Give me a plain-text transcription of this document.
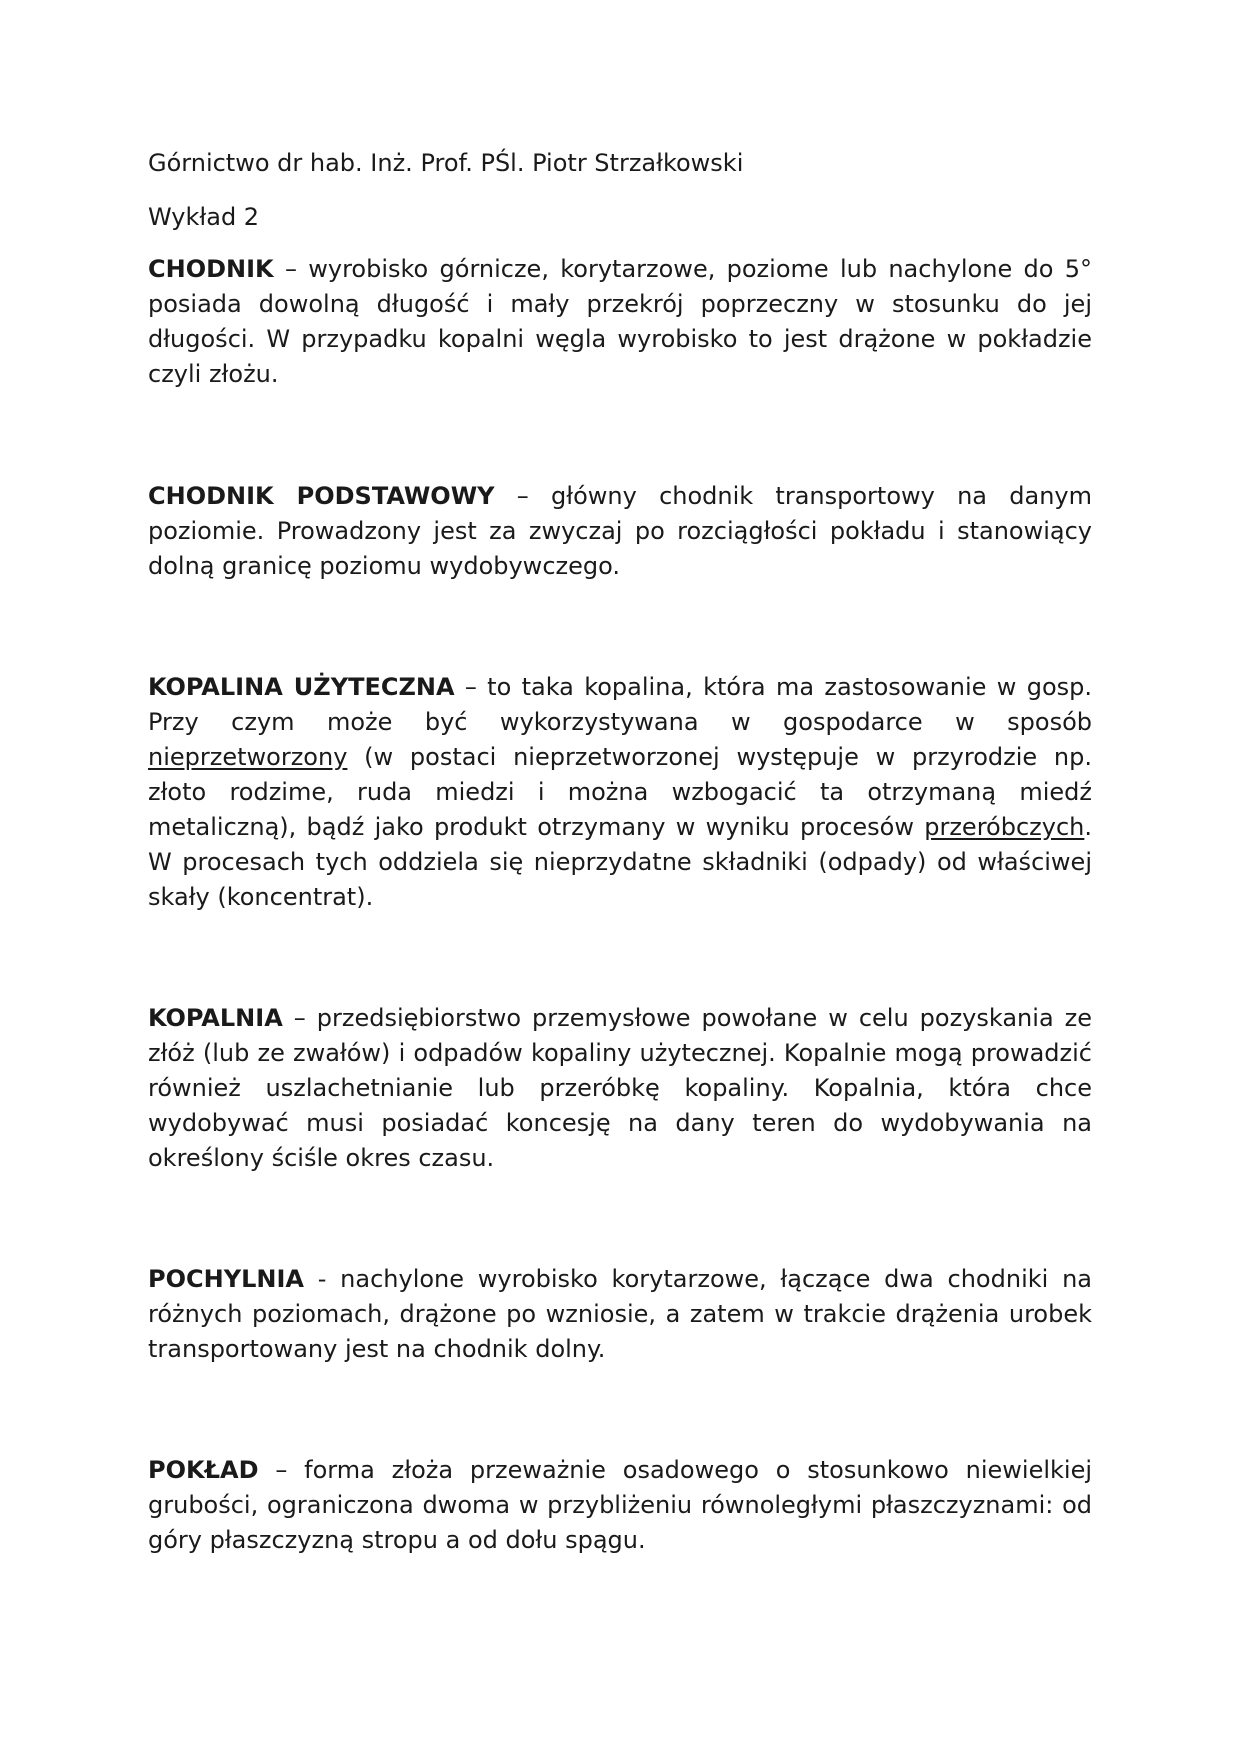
Górnictwo dr hab. Inż. Prof. PŚl. Piotr Strzałkowski

Wykład 2

CHODNIK – wyrobisko górnicze, korytarzowe, poziome lub nachylone do 5° posiada dowolną długość i mały przekrój poprzeczny w stosunku do jej długości. W przypadku kopalni węgla wyrobisko to jest drążone w pokładzie czyli złożu.

CHODNIK PODSTAWOWY – główny chodnik transportowy na danym poziomie. Prowadzony jest za zwyczaj po rozciągłości pokładu i stanowiący dolną granicę poziomu wydobywczego.

KOPALINA UŻYTECZNA – to taka kopalina, która ma zastosowanie w gosp. Przy czym może być wykorzystywana w gospodarce w sposób nieprzetworzony (w postaci nieprzetworzonej występuje w przyrodzie np. złoto rodzime, ruda miedzi i można wzbogacić ta otrzymaną miedź metaliczną), bądź jako produkt otrzymany w wyniku procesów przeróbczych. W procesach tych oddziela się nieprzydatne składniki (odpady) od właściwej skały (koncentrat).

KOPALNIA – przedsiębiorstwo przemysłowe powołane w celu pozyskania ze złóż (lub ze zwałów) i odpadów kopaliny użytecznej. Kopalnie mogą prowadzić również uszlachetnianie lub przeróbkę kopaliny. Kopalnia, która chce wydobywać musi posiadać koncesję na dany teren do wydobywania na określony ściśle okres czasu.

POCHYLNIA - nachylone wyrobisko korytarzowe, łączące dwa chodniki na różnych poziomach, drążone po wzniosie, a zatem w trakcie drążenia urobek transportowany jest na chodnik dolny.

POKŁAD – forma złoża przeważnie osadowego o stosunkowo niewielkiej grubości, ograniczona dwoma w przybliżeniu równoległymi płaszczyznami: od góry płaszczyzną stropu a od dołu spągu.
